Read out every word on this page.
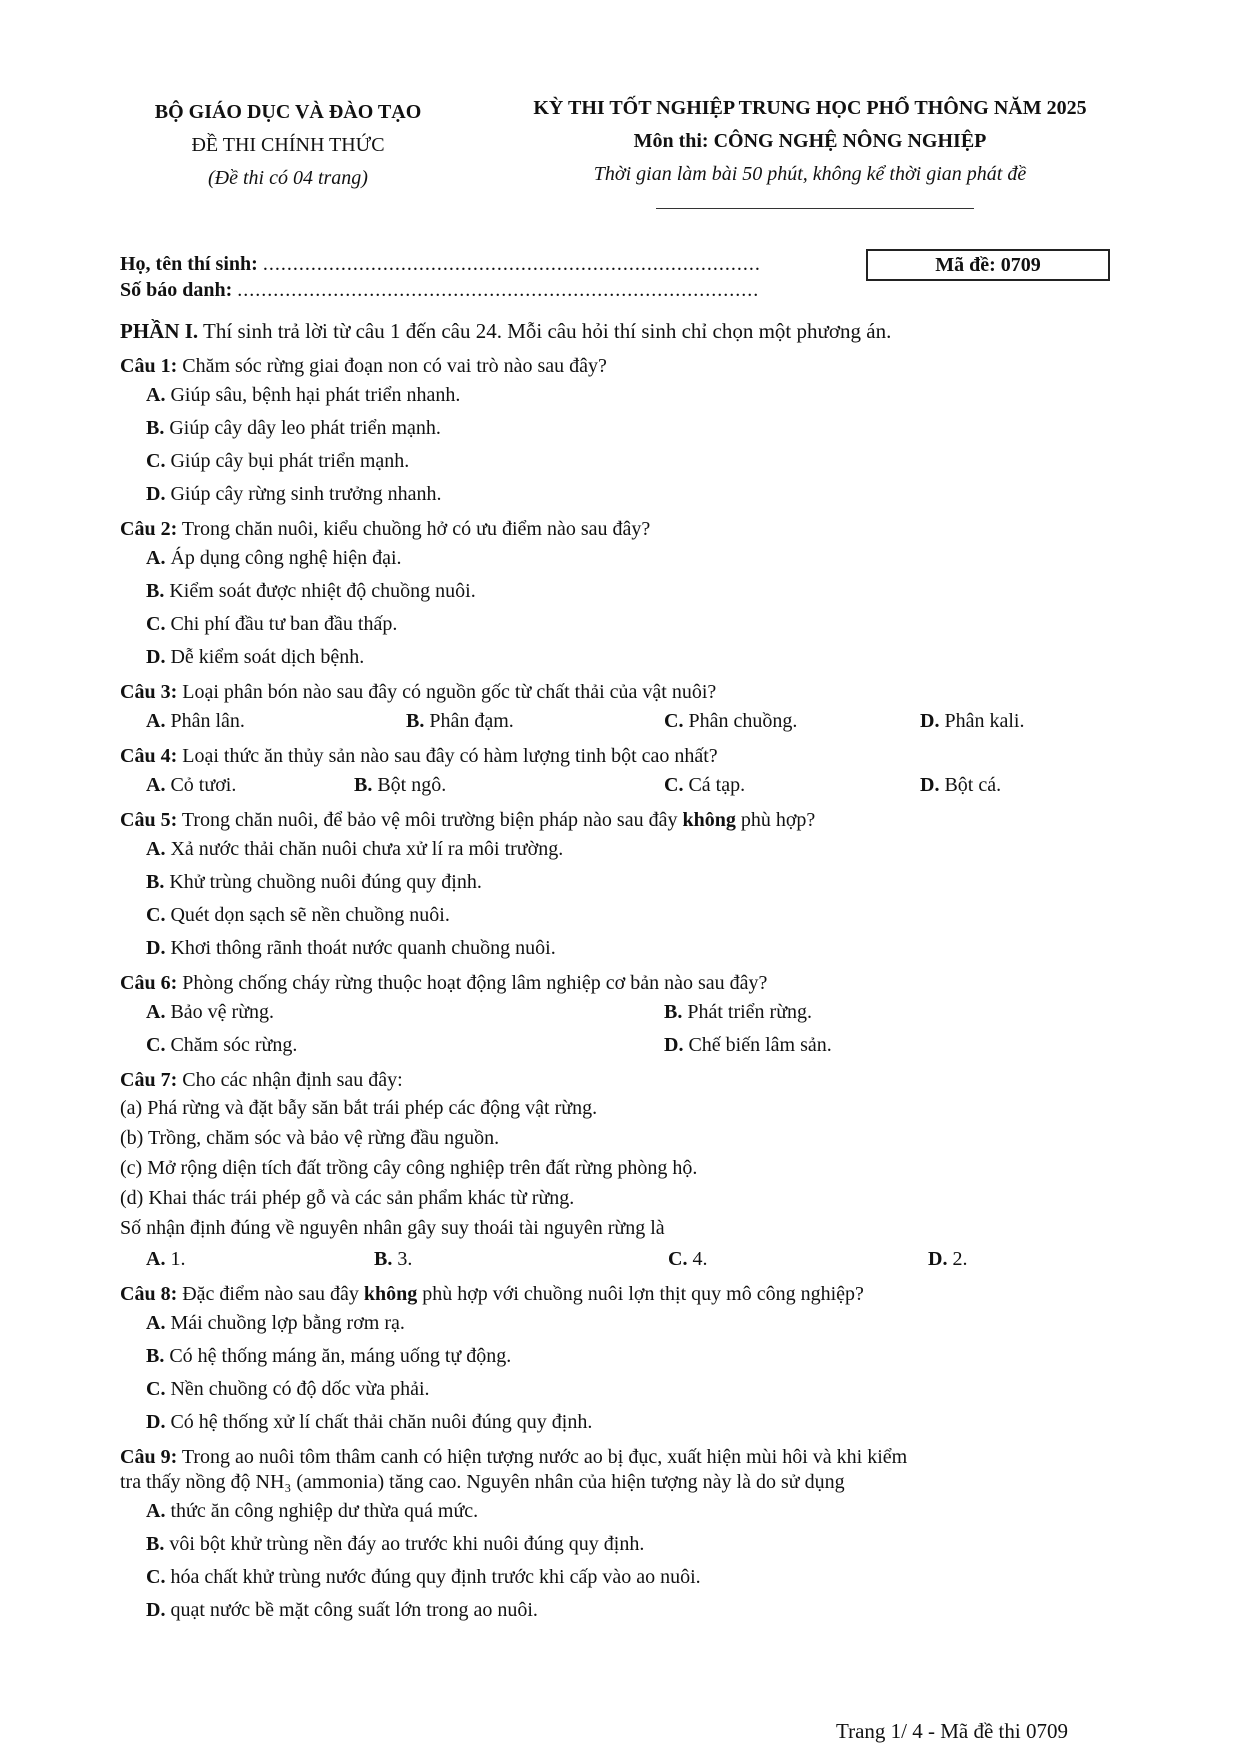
BỘ GIÁO DỤC VÀ ĐÀO TẠO
ĐỀ THI CHÍNH THỨC
(Đề thi có 04 trang)
KỲ THI TỐT NGHIỆP TRUNG HỌC PHỔ THÔNG NĂM 2025
Môn thi: CÔNG NGHỆ NÔNG NGHIỆP
Thời gian làm bài 50 phút, không kể thời gian phát đề
Họ, tên thí sinh: ...................................................................................
Số báo danh: .......................................................................................
Mã đề: 0709
PHẦN I. Thí sinh trả lời từ câu 1 đến câu 24. Mỗi câu hỏi thí sinh chỉ chọn một phương án.
Câu 1: Chăm sóc rừng giai đoạn non có vai trò nào sau đây?
A. Giúp sâu, bệnh hại phát triển nhanh.
B. Giúp cây dây leo phát triển mạnh.
C. Giúp cây bụi phát triển mạnh.
D. Giúp cây rừng sinh trưởng nhanh.
Câu 2: Trong chăn nuôi, kiểu chuồng hở có ưu điểm nào sau đây?
A. Áp dụng công nghệ hiện đại.
B. Kiểm soát được nhiệt độ chuồng nuôi.
C. Chi phí đầu tư ban đầu thấp.
D. Dễ kiểm soát dịch bệnh.
Câu 3: Loại phân bón nào sau đây có nguồn gốc từ chất thải của vật nuôi?
A. Phân lân.	B. Phân đạm.	C. Phân chuồng.	D. Phân kali.
Câu 4: Loại thức ăn thủy sản nào sau đây có hàm lượng tinh bột cao nhất?
A. Cỏ tươi.	B. Bột ngô.	C. Cá tạp.	D. Bột cá.
Câu 5: Trong chăn nuôi, để bảo vệ môi trường biện pháp nào sau đây không phù hợp?
A. Xả nước thải chăn nuôi chưa xử lí ra môi trường.
B. Khử trùng chuồng nuôi đúng quy định.
C. Quét dọn sạch sẽ nền chuồng nuôi.
D. Khơi thông rãnh thoát nước quanh chuồng nuôi.
Câu 6: Phòng chống cháy rừng thuộc hoạt động lâm nghiệp cơ bản nào sau đây?
A. Bảo vệ rừng.	B. Phát triển rừng.
C. Chăm sóc rừng.	D. Chế biến lâm sản.
Câu 7: Cho các nhận định sau đây:
(a) Phá rừng và đặt bẫy săn bắt trái phép các động vật rừng.
(b) Trồng, chăm sóc và bảo vệ rừng đầu nguồn.
(c) Mở rộng diện tích đất trồng cây công nghiệp trên đất rừng phòng hộ.
(d) Khai thác trái phép gỗ và các sản phẩm khác từ rừng.
Số nhận định đúng về nguyên nhân gây suy thoái tài nguyên rừng là
A. 1.	B. 3.	C. 4.	D. 2.
Câu 8: Đặc điểm nào sau đây không phù hợp với chuồng nuôi lợn thịt quy mô công nghiệp?
A. Mái chuồng lợp bằng rơm rạ.
B. Có hệ thống máng ăn, máng uống tự động.
C. Nền chuồng có độ dốc vừa phải.
D. Có hệ thống xử lí chất thải chăn nuôi đúng quy định.
Câu 9: Trong ao nuôi tôm thâm canh có hiện tượng nước ao bị đục, xuất hiện mùi hôi và khi kiểm
tra thấy nồng độ NH₃ (ammonia) tăng cao. Nguyên nhân của hiện tượng này là do sử dụng
A. thức ăn công nghiệp dư thừa quá mức.
B. vôi bột khử trùng nền đáy ao trước khi nuôi đúng quy định.
C. hóa chất khử trùng nước đúng quy định trước khi cấp vào ao nuôi.
D. quạt nước bề mặt công suất lớn trong ao nuôi.
Trang 1/ 4 - Mã đề thi 0709
